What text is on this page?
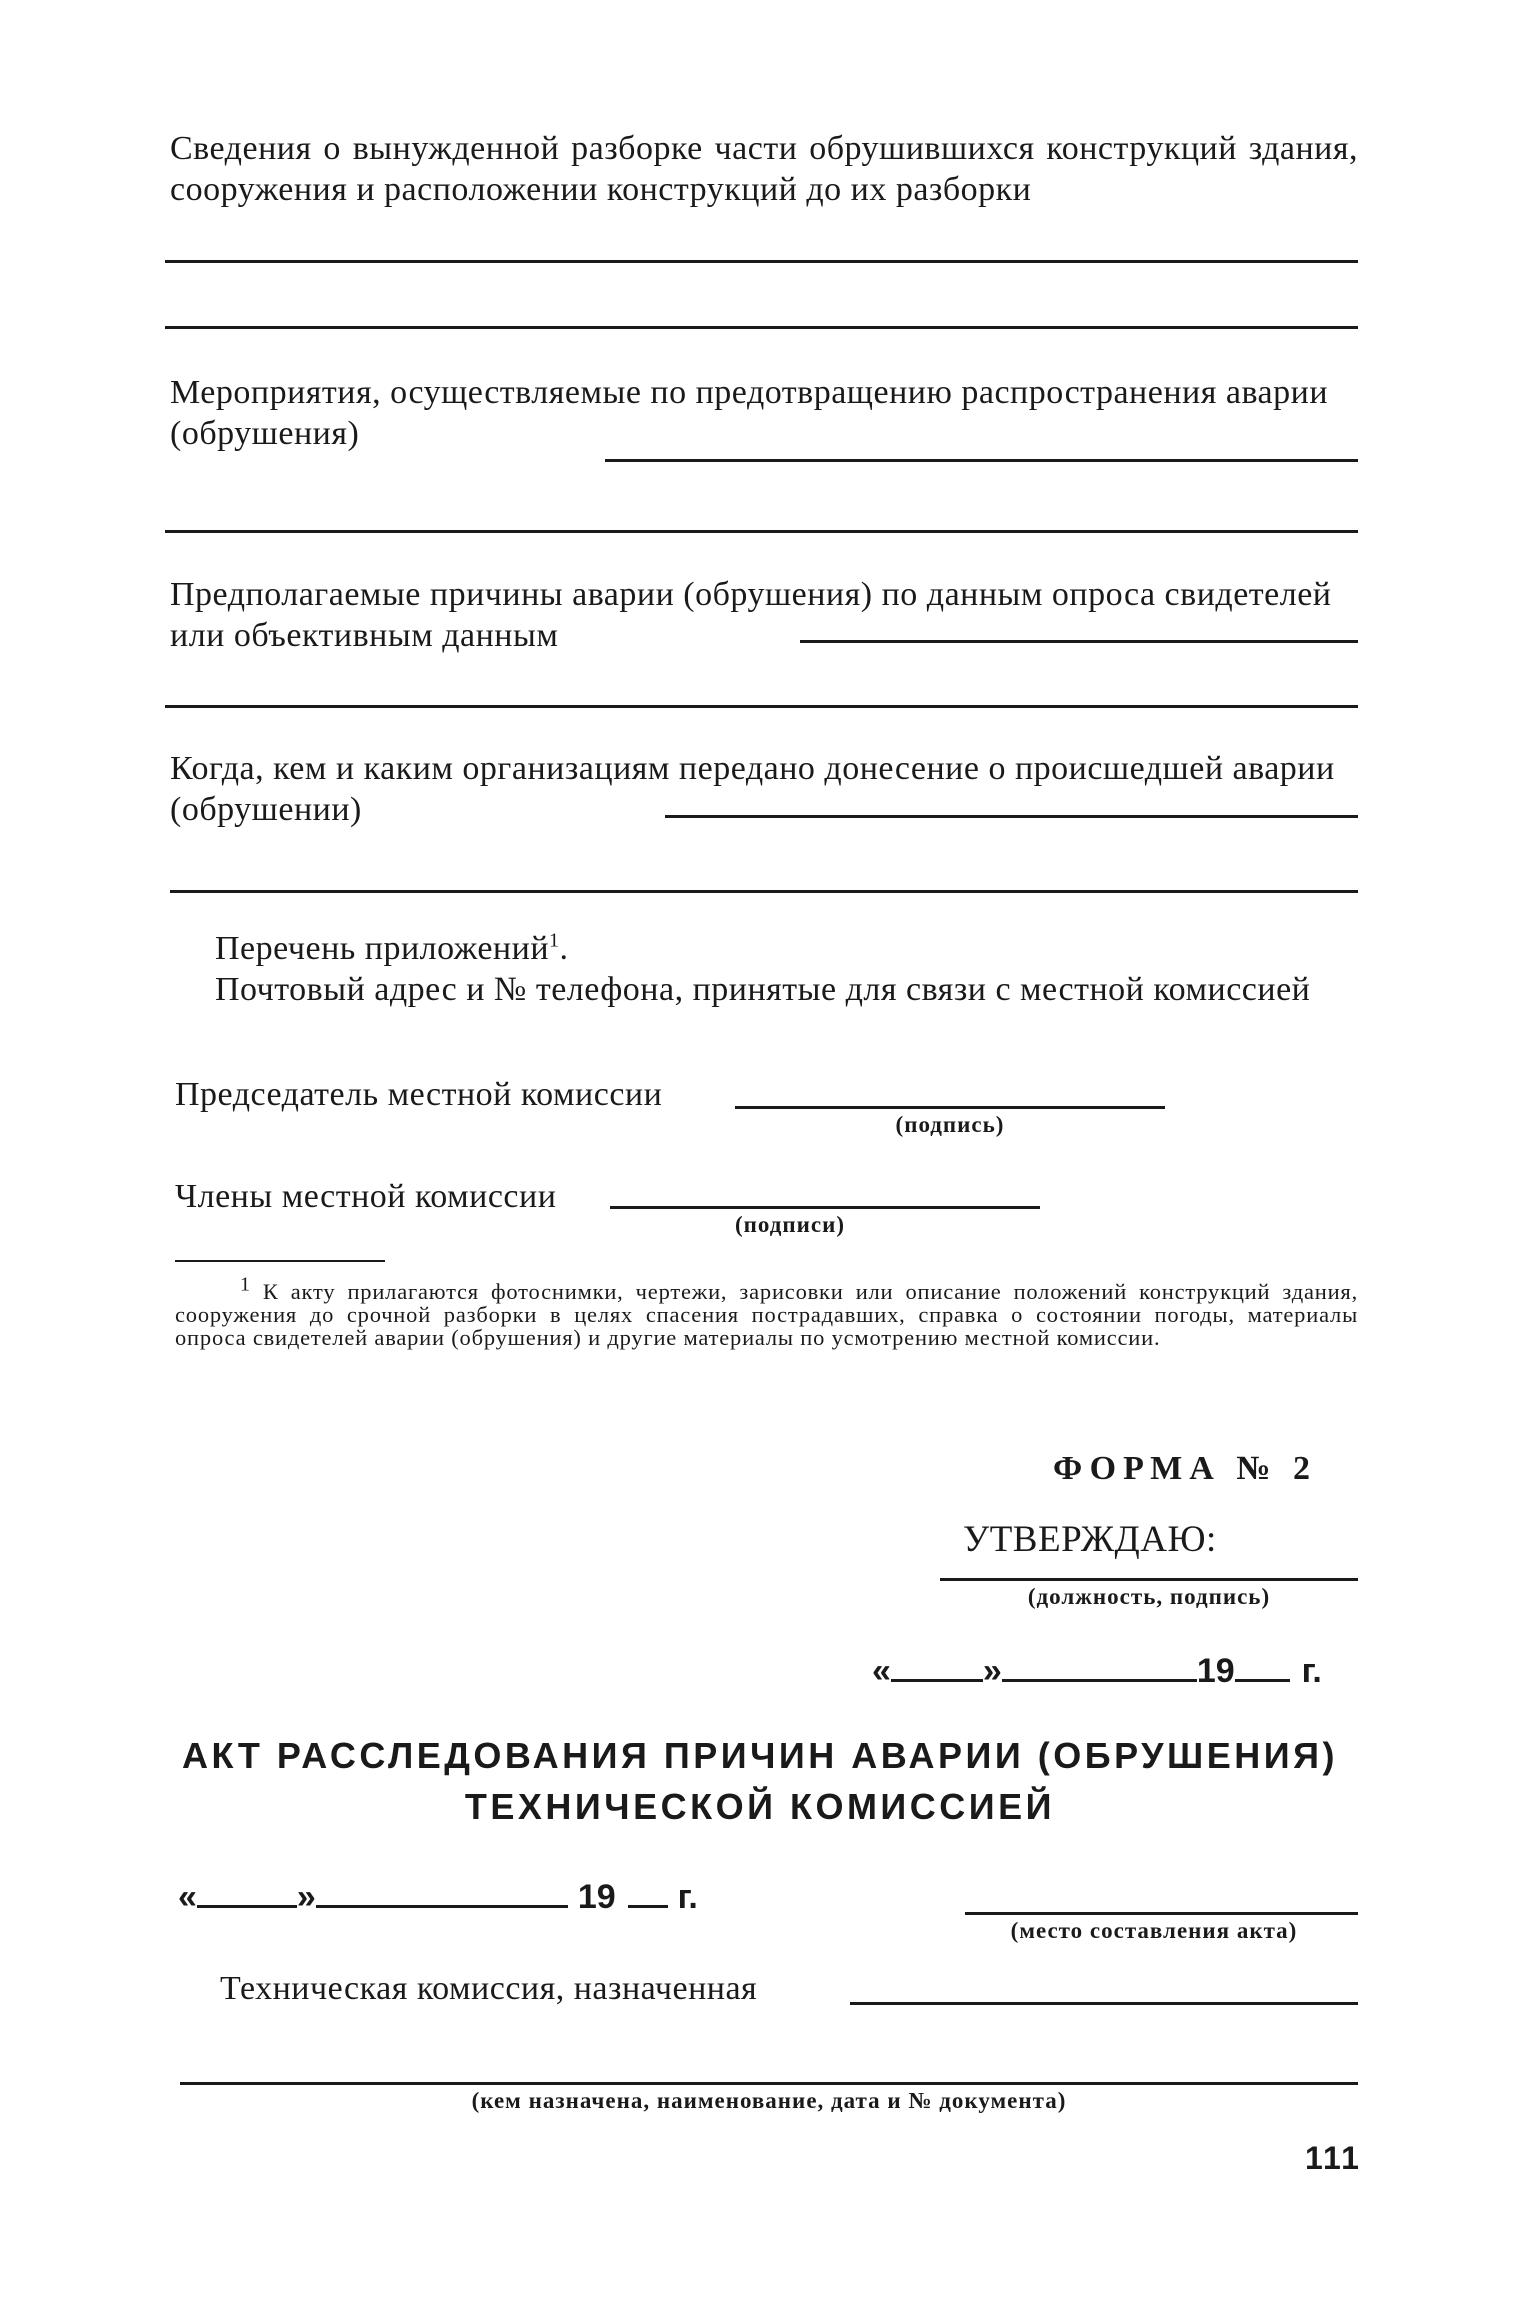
Сведения о вынужденной разборке части обрушившихся конструкций здания, сооружения и расположении конструкций до их разборки
Мероприятия, осуществляемые по предотвращению распространения аварии (обрушения)
Предполагаемые причины аварии (обрушения) по данным опроса свидетелей или объективным данным
Когда, кем и каким организациям передано донесение о происшедшей аварии (обрушении)
Перечень приложений$^1$.
Почтовый адрес и № телефона, принятые для связи с местной комиссией
Председатель местной комиссии
(подпись)
Члены местной комиссии
(подписи)
1 К акту прилагаются фотоснимки, чертежи, зарисовки или описание положений конструкций здания, сооружения до срочной разборки в целях спасения пострадавших, справка о состоянии погоды, материалы опроса свидетелей аварии (обрушения) и другие материалы по усмотрению местной комиссии.
ФОРМА № 2
УТВЕРЖДАЮ:
(должность, подпись)
«	»	19 г.
АКТ РАССЛЕДОВАНИЯ ПРИЧИН АВАРИИ (ОБРУШЕНИЯ)
ТЕХНИЧЕСКОЙ КОМИССИЕЙ
«	»	19 г.
(место составления акта)
Техническая комиссия, назначенная
(кем назначена, наименование, дата и № документа)
111
